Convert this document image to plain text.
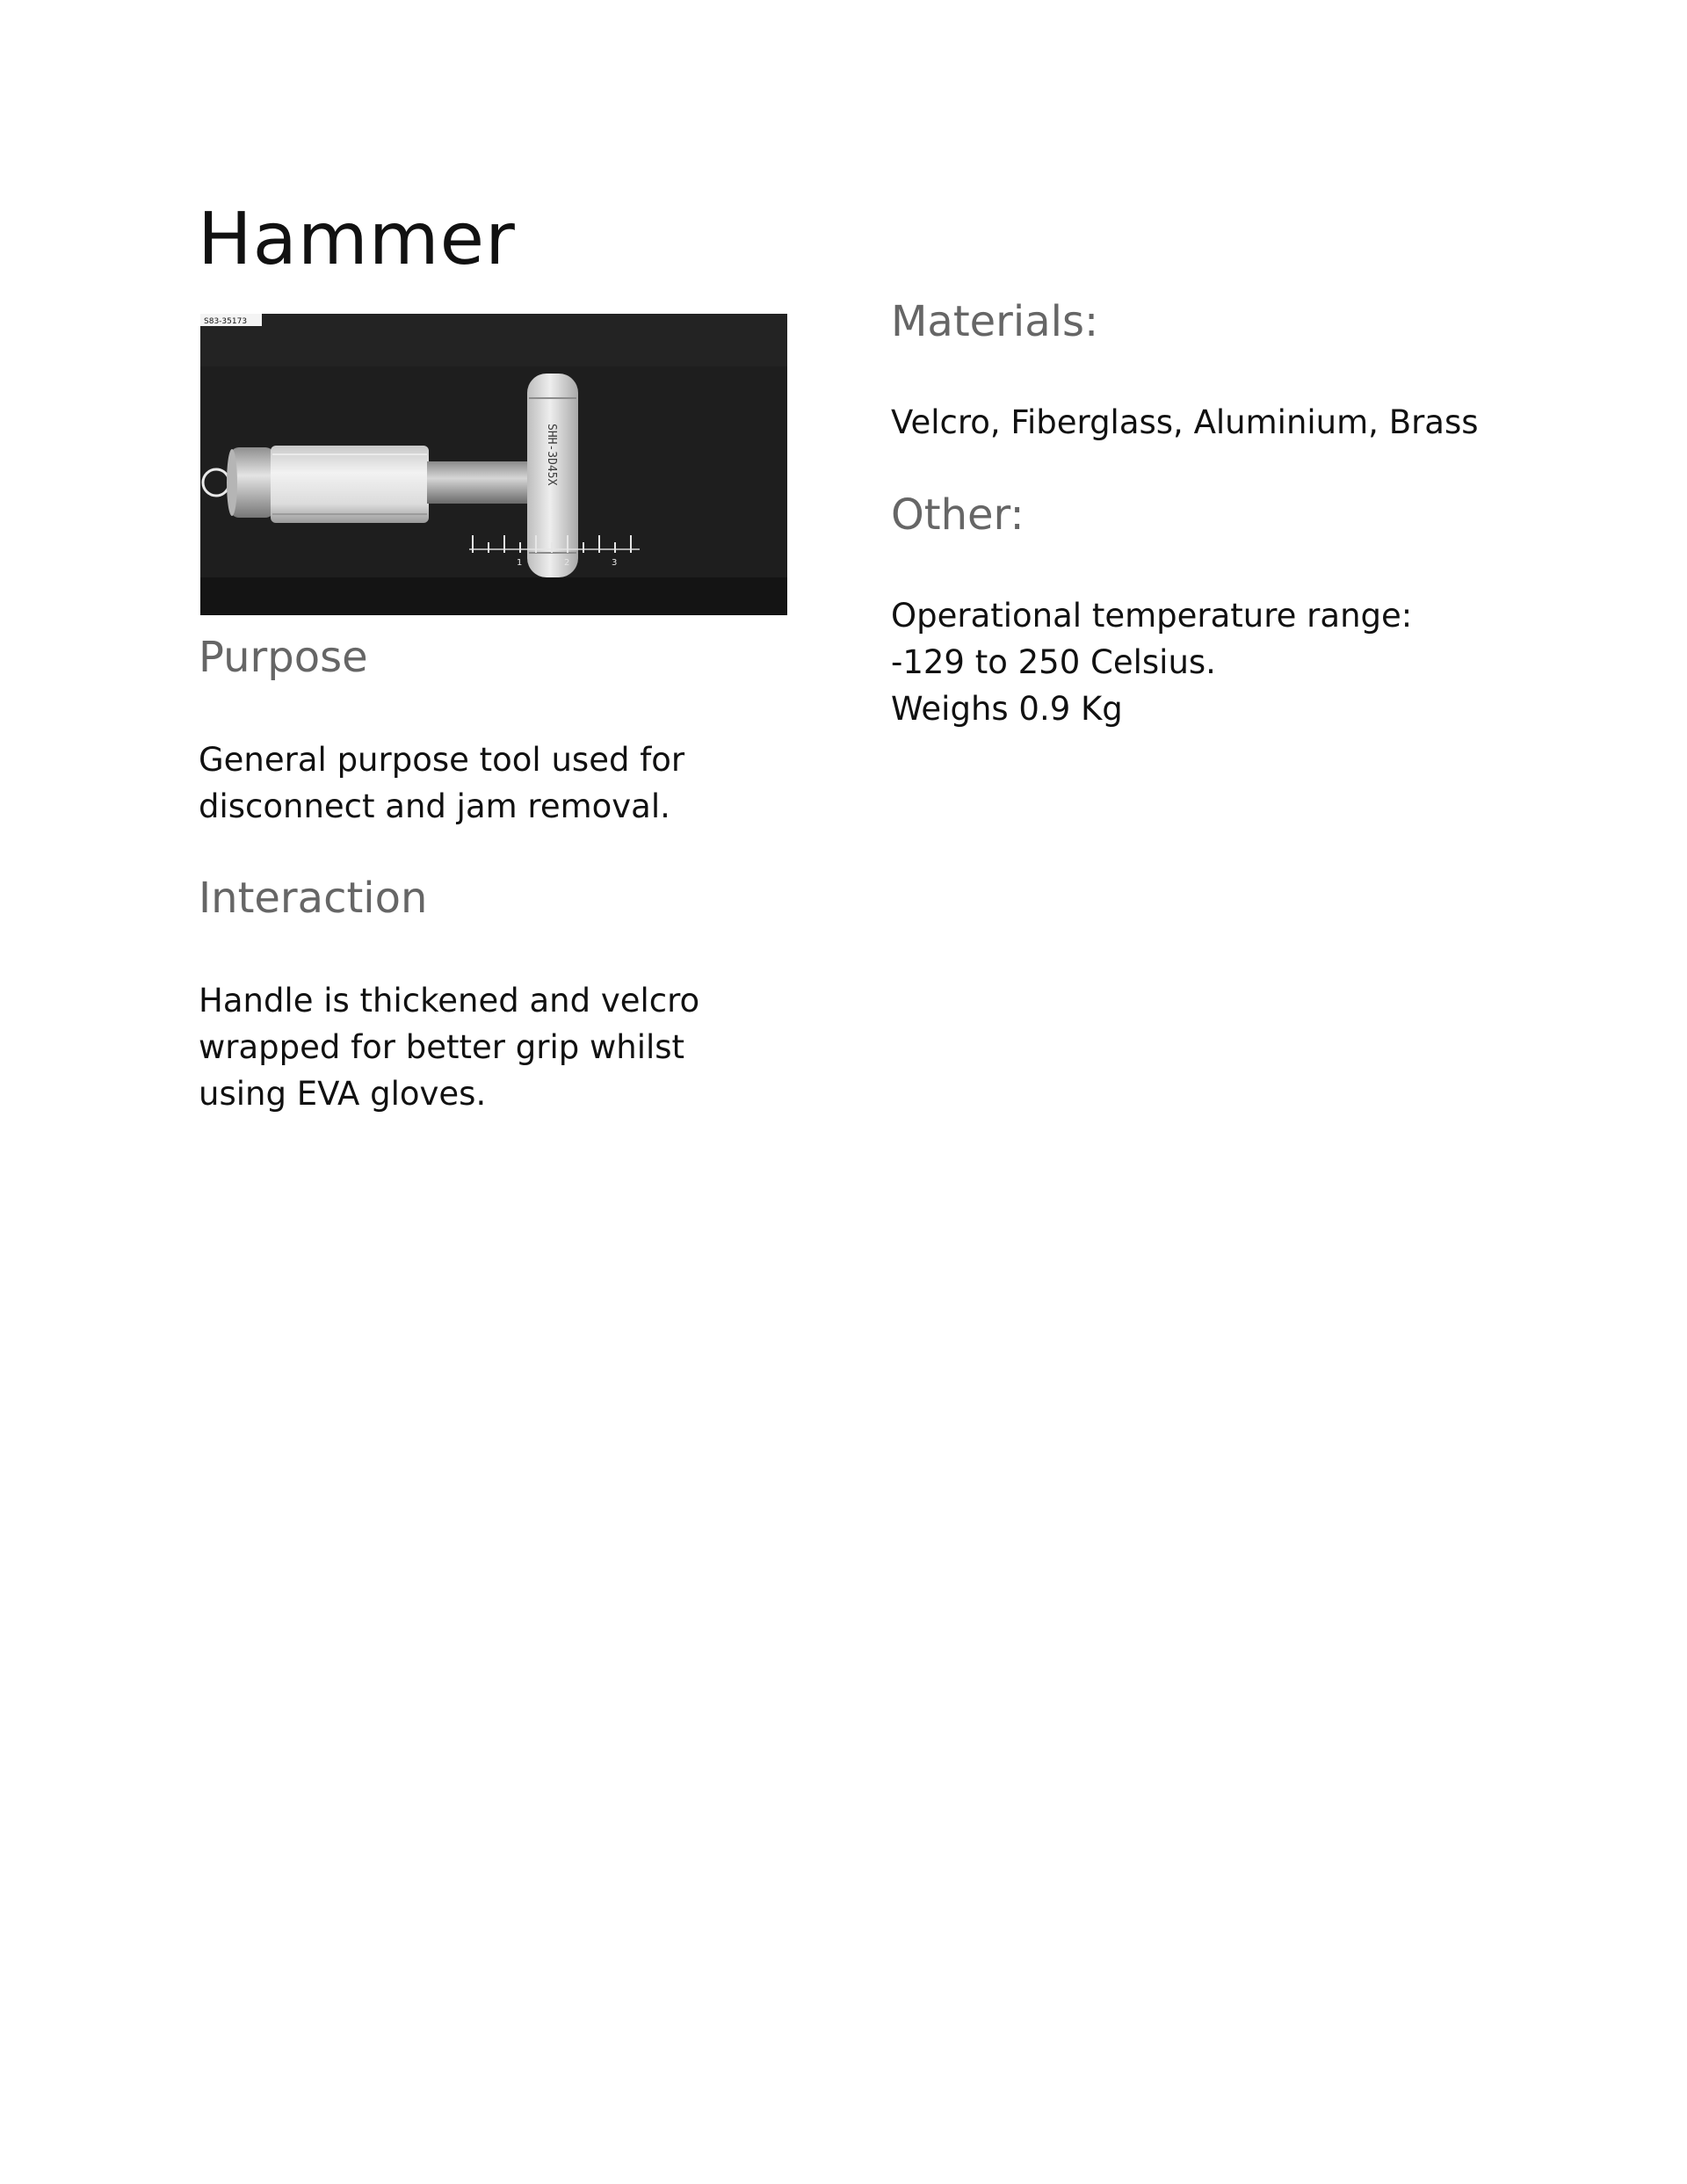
Hammer
S83-35173
SHH-3D45X
1	2	3
Purpose

General purpose tool used for
disconnect and jam removal.

Interaction

Handle is thickened and velcro
wrapped for better grip whilst
using EVA gloves.

Materials:

Velcro, Fiberglass, Aluminium, Brass

Other:

Operational temperature range:
-129 to 250 Celsius.
Weighs 0.9 Kg
